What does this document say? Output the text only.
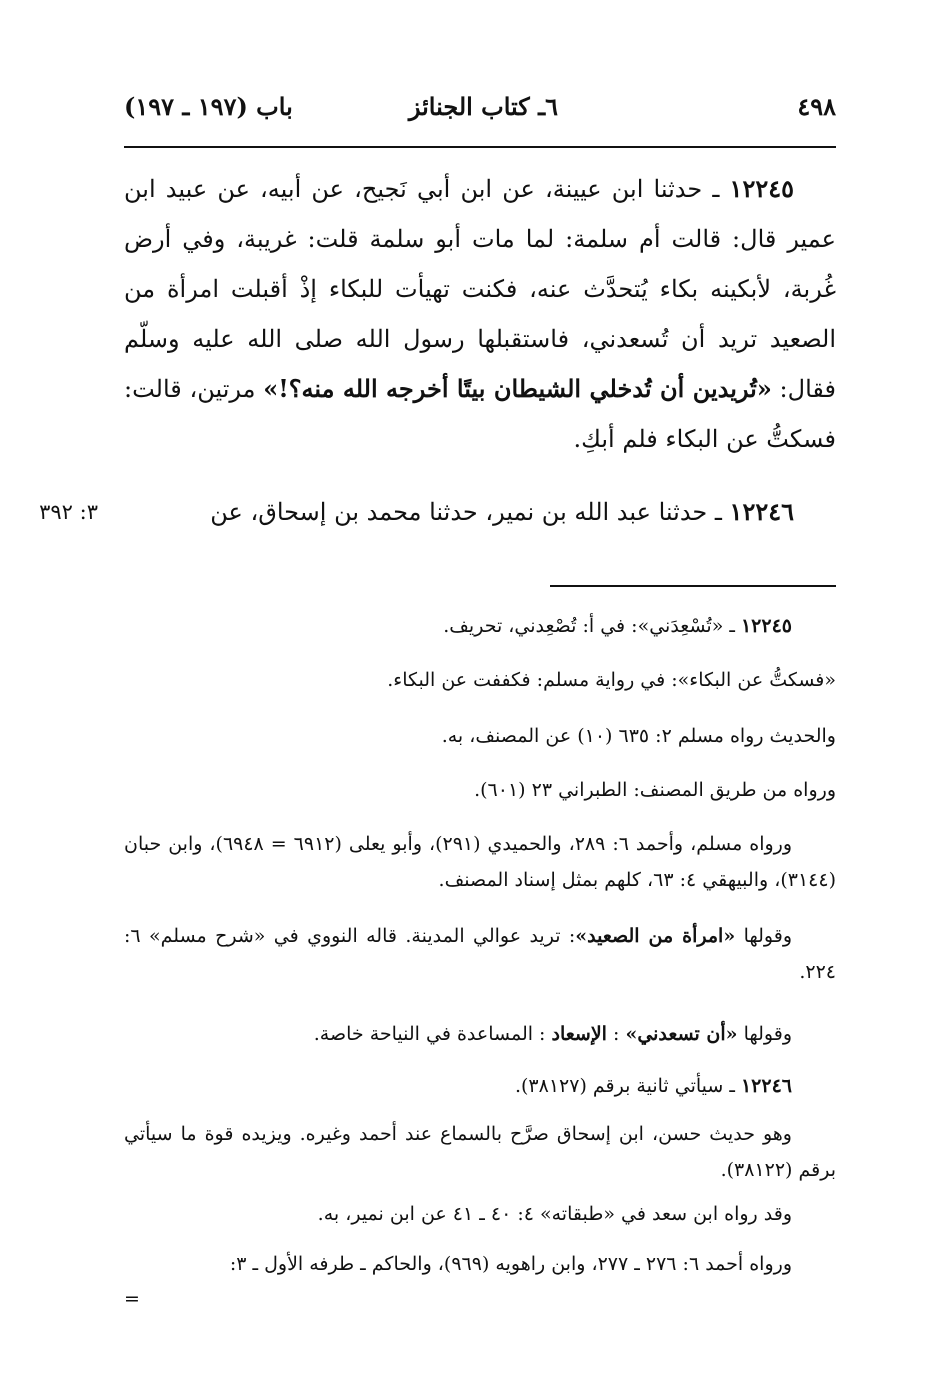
٤٩٨
٦ـ كتاب الجنائز
باب (١٩٧ ـ ١٩٧)

١٢٢٤٥ ـ حدثنا ابن عيينة، عن ابن أبي نَجيح، عن أبيه، عن عبيد ابن عمير قال: قالت أم سلمة: لما مات أبو سلمة قلت: غريبة، وفي أرض غُربة، لأبكينه بكاء يُتحدَّث عنه، فكنت تهيأت للبكاء إذْ أقبلت امرأة من الصعيد تريد أن تُسعدني، فاستقبلها رسول الله صلى الله عليه وسلّم فقال: «تُريدين أن تُدخلي الشيطان بيتًا أخرجه الله منه؟!» مرتين، قالت: فسكتُّ عن البكاء فلم أبكِ.

١٢٢٤٦ ـ حدثنا عبد الله بن نمير، حدثنا محمد بن إسحاق، عن

٣: ٣٩٢

١٢٢٤٥ ـ «تُسْعِدَني»: في أ: تُصْعِدني، تحريف.

«فسكتُّ عن البكاء»: في رواية مسلم: فكففت عن البكاء.
والحديث رواه مسلم ٢: ٦٣٥ (١٠) عن المصنف، به.
ورواه من طريق المصنف: الطبراني ٢٣ (٦٠١).

ورواه مسلم، وأحمد ٦: ٢٨٩، والحميدي (٢٩١)، وأبو يعلى (٦٩١٢ = ٦٩٤٨)، وابن حبان (٣١٤٤)، والبيهقي ٤: ٦٣، كلهم بمثل إسناد المصنف.

وقولها «امرأة من الصعيد»: تريد عوالي المدينة. قاله النووي في «شرح مسلم» ٦: ٢٢٤.

وقولها «أن تسعدني» : الإسعاد : المساعدة في النياحة خاصة.

١٢٢٤٦ ـ سيأتي ثانية برقم (٣٨١٢٧).

وهو حديث حسن، ابن إسحاق صرَّح بالسماع عند أحمد وغيره. ويزيده قوة ما سيأتي برقم (٣٨١٢٢).

وقد رواه ابن سعد في «طبقاته» ٤: ٤٠ ـ ٤١ عن ابن نمير، به.

ورواه أحمد ٦: ٢٧٦ ـ ٢٧٧، وابن راهويه (٩٦٩)، والحاكم ـ طرفه الأول ـ ٣:

=
